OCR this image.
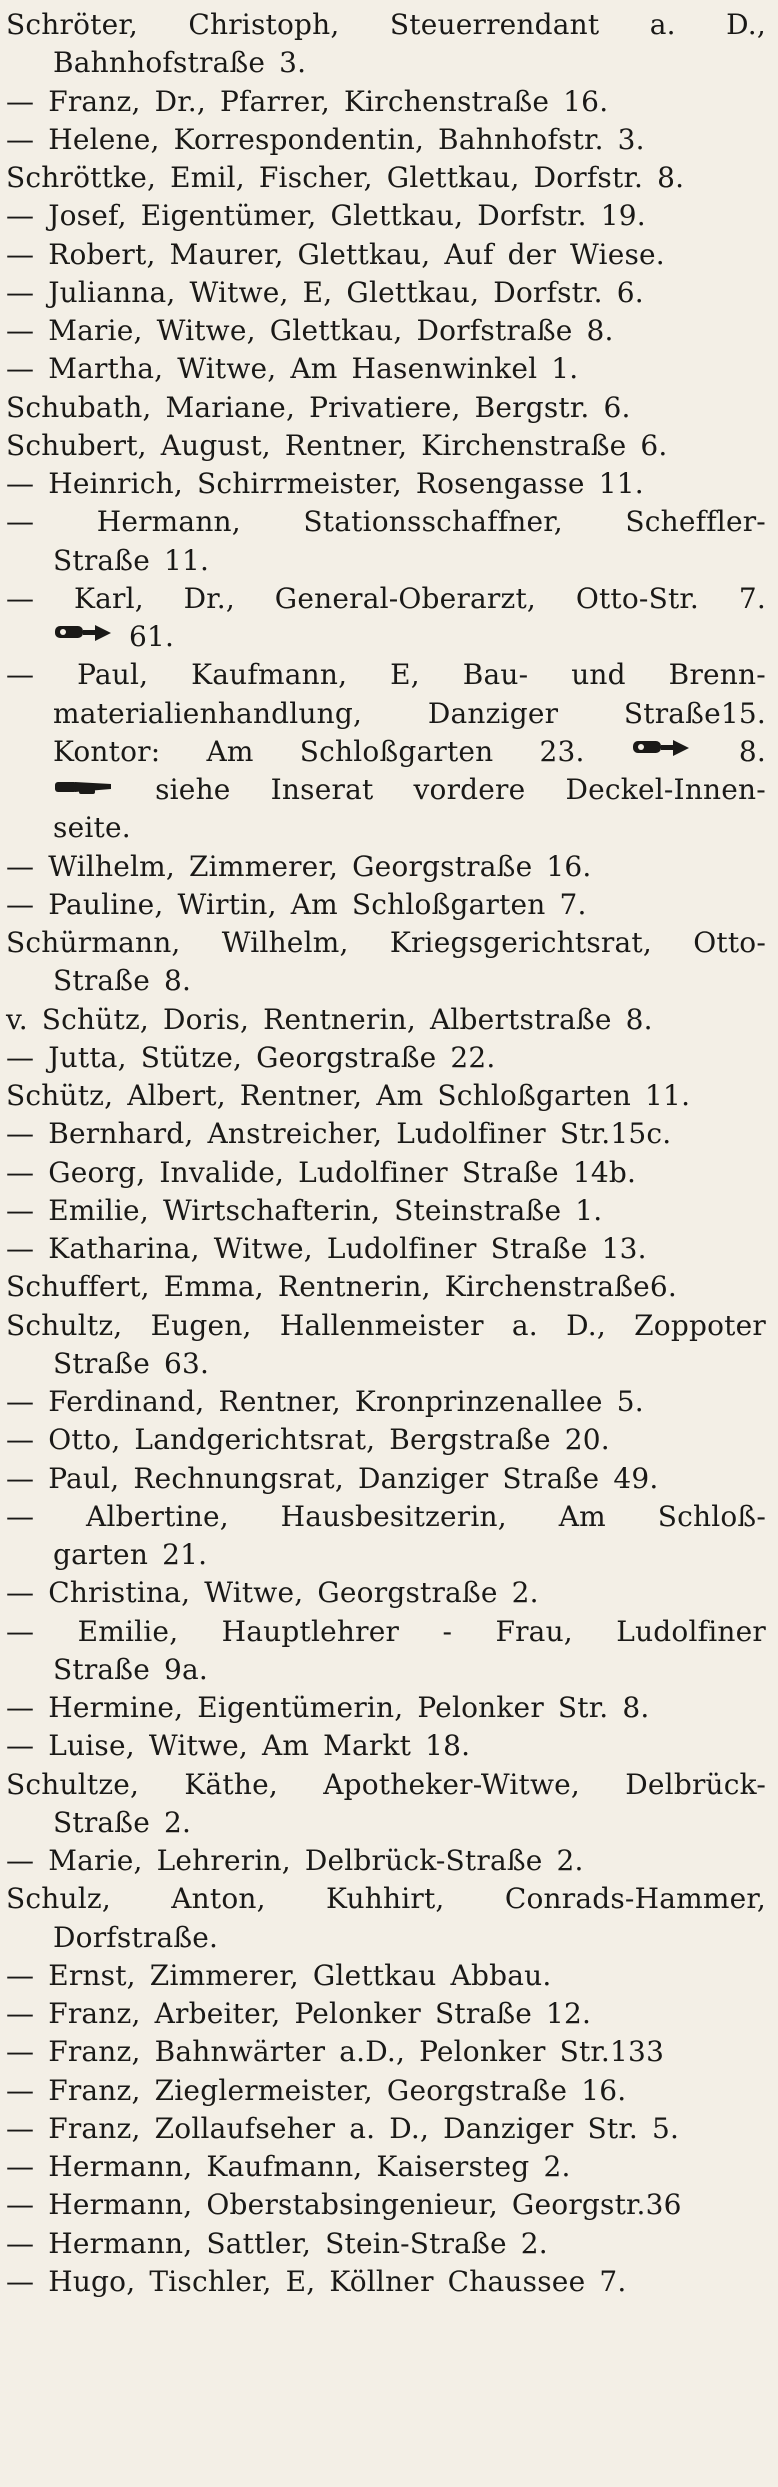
Schröter, Christoph, Steuerrendant a. D.,
Bahnhofstraße 3.
— Franz, Dr., Pfarrer, Kirchenstraße 16.
— Helene, Korrespondentin, Bahnhofstr. 3.
Schröttke, Emil, Fischer, Glettkau, Dorfstr. 8.
— Josef, Eigentümer, Glettkau, Dorfstr. 19.
— Robert, Maurer, Glettkau, Auf der Wiese.
— Julianna, Witwe, E, Glettkau, Dorfstr. 6.
— Marie, Witwe, Glettkau, Dorfstraße 8.
— Martha, Witwe, Am Hasenwinkel 1.
Schubath, Mariane, Privatiere, Bergstr. 6.
Schubert, August, Rentner, Kirchenstraße 6.
— Heinrich, Schirrmeister, Rosengasse 11.
— Hermann, Stationsschaffner, Scheffler-
Straße 11.
— Karl, Dr., General-Oberarzt, Otto-Str. 7.
61.
— Paul, Kaufmann, E, Bau- und Brenn-
materialienhandlung, Danziger Straße15.
Kontor: Am Schloßgarten 23.	8.
siehe Inserat vordere Deckel-Innen-
seite.
— Wilhelm, Zimmerer, Georgstraße 16.
— Pauline, Wirtin, Am Schloßgarten 7.
Schürmann, Wilhelm, Kriegsgerichtsrat, Otto-
Straße 8.
v. Schütz, Doris, Rentnerin, Albertstraße 8.
— Jutta, Stütze, Georgstraße 22.
Schütz, Albert, Rentner, Am Schloßgarten 11.
— Bernhard, Anstreicher, Ludolfiner Str.15c.
— Georg, Invalide, Ludolfiner Straße 14b.
— Emilie, Wirtschafterin, Steinstraße 1.
— Katharina, Witwe, Ludolfiner Straße 13.
Schuffert, Emma, Rentnerin, Kirchenstraße6.
Schultz, Eugen, Hallenmeister a. D., Zoppoter
Straße 63.
— Ferdinand, Rentner, Kronprinzenallee 5.
— Otto, Landgerichtsrat, Bergstraße 20.
— Paul, Rechnungsrat, Danziger Straße 49.
— Albertine, Hausbesitzerin, Am Schloß-
garten 21.
— Christina, Witwe, Georgstraße 2.
— Emilie, Hauptlehrer - Frau, Ludolfiner
Straße 9a.
— Hermine, Eigentümerin, Pelonker Str. 8.
— Luise, Witwe, Am Markt 18.
Schultze, Käthe, Apotheker-Witwe, Delbrück-
Straße 2.
— Marie, Lehrerin, Delbrück-Straße 2.
Schulz, Anton, Kuhhirt, Conrads-Hammer,
Dorfstraße.
— Ernst, Zimmerer, Glettkau Abbau.
— Franz, Arbeiter, Pelonker Straße 12.
— Franz, Bahnwärter a.D., Pelonker Str.133
— Franz, Zieglermeister, Georgstraße 16.
— Franz, Zollaufseher a. D., Danziger Str. 5.
— Hermann, Kaufmann, Kaisersteg 2.
— Hermann, Oberstabsingenieur, Georgstr.36
— Hermann, Sattler, Stein-Straße 2.
— Hugo, Tischler, E, Köllner Chaussee 7.
